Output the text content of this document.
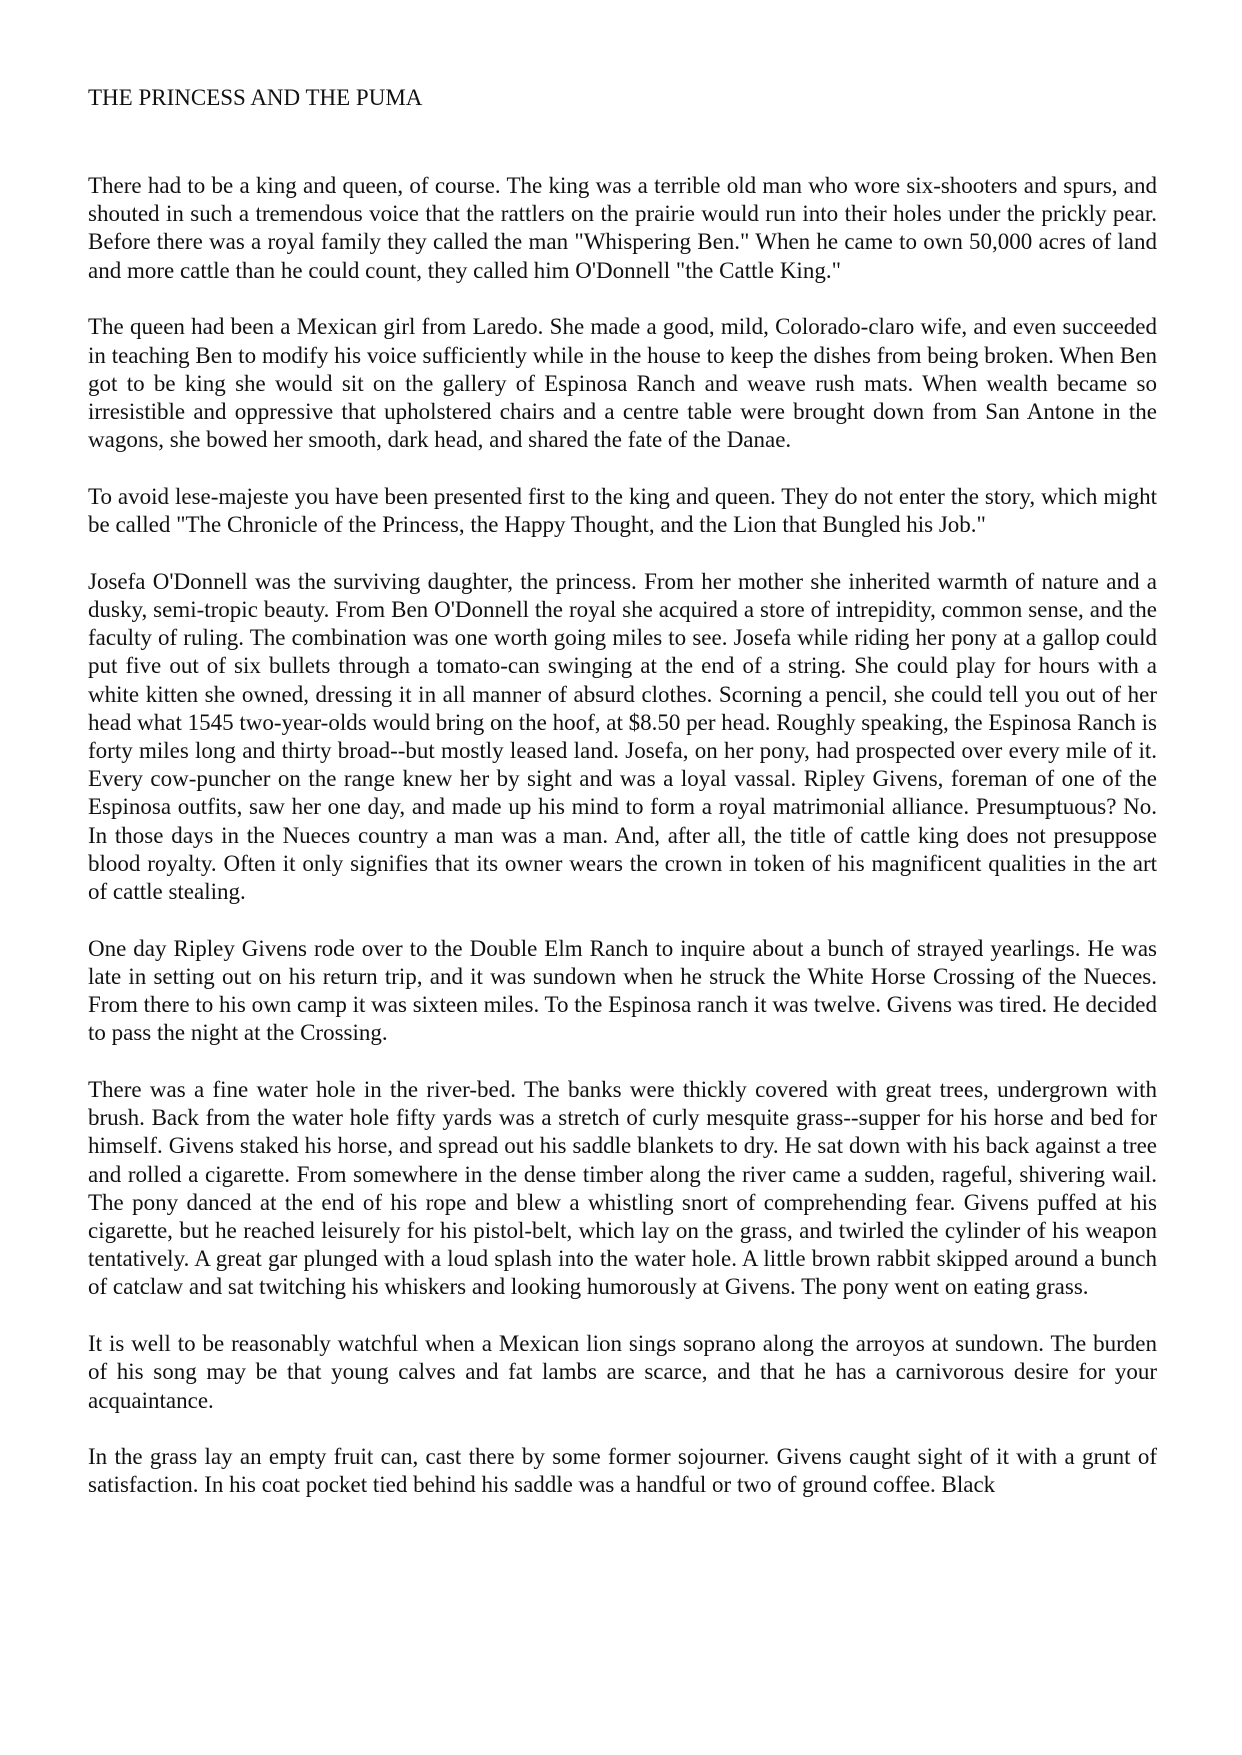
THE PRINCESS AND THE PUMA

There had to be a king and queen, of course. The king was a terrible old man who wore six-shooters and spurs, and shouted in such a tremendous voice that the rattlers on the prairie would run into their holes under the prickly pear. Before there was a royal family they called the man "Whispering Ben." When he came to own 50,000 acres of land and more cattle than he could count, they called him O'Donnell "the Cattle King."

The queen had been a Mexican girl from Laredo. She made a good, mild, Colorado-claro wife, and even succeeded in teaching Ben to modify his voice sufficiently while in the house to keep the dishes from being broken. When Ben got to be king she would sit on the gallery of Espinosa Ranch and weave rush mats. When wealth became so irresistible and oppressive that upholstered chairs and a centre table were brought down from San Antone in the wagons, she bowed her smooth, dark head, and shared the fate of the Danae.

To avoid lese-majeste you have been presented first to the king and queen. They do not enter the story, which might be called "The Chronicle of the Princess, the Happy Thought, and the Lion that Bungled his Job."

Josefa O'Donnell was the surviving daughter, the princess. From her mother she inherited warmth of nature and a dusky, semi-tropic beauty. From Ben O'Donnell the royal she acquired a store of intrepidity, common sense, and the faculty of ruling. The combination was one worth going miles to see. Josefa while riding her pony at a gallop could put five out of six bullets through a tomato-can swinging at the end of a string. She could play for hours with a white kitten she owned, dressing it in all manner of absurd clothes. Scorning a pencil, she could tell you out of her head what 1545 two-year-olds would bring on the hoof, at $8.50 per head. Roughly speaking, the Espinosa Ranch is forty miles long and thirty broad--but mostly leased land. Josefa, on her pony, had prospected over every mile of it. Every cow-puncher on the range knew her by sight and was a loyal vassal. Ripley Givens, foreman of one of the Espinosa outfits, saw her one day, and made up his mind to form a royal matrimonial alliance. Presumptuous? No. In those days in the Nueces country a man was a man. And, after all, the title of cattle king does not presuppose blood royalty. Often it only signifies that its owner wears the crown in token of his magnificent qualities in the art of cattle stealing.

One day Ripley Givens rode over to the Double Elm Ranch to inquire about a bunch of strayed yearlings. He was late in setting out on his return trip, and it was sundown when he struck the White Horse Crossing of the Nueces. From there to his own camp it was sixteen miles. To the Espinosa ranch it was twelve. Givens was tired. He decided to pass the night at the Crossing.

There was a fine water hole in the river-bed. The banks were thickly covered with great trees, undergrown with brush. Back from the water hole fifty yards was a stretch of curly mesquite grass--supper for his horse and bed for himself. Givens staked his horse, and spread out his saddle blankets to dry. He sat down with his back against a tree and rolled a cigarette. From somewhere in the dense timber along the river came a sudden, rageful, shivering wail. The pony danced at the end of his rope and blew a whistling snort of comprehending fear. Givens puffed at his cigarette, but he reached leisurely for his pistol-belt, which lay on the grass, and twirled the cylinder of his weapon tentatively. A great gar plunged with a loud splash into the water hole. A little brown rabbit skipped around a bunch of catclaw and sat twitching his whiskers and looking humorously at Givens. The pony went on eating grass.

It is well to be reasonably watchful when a Mexican lion sings soprano along the arroyos at sundown. The burden of his song may be that young calves and fat lambs are scarce, and that he has a carnivorous desire for your acquaintance.

In the grass lay an empty fruit can, cast there by some former sojourner. Givens caught sight of it with a grunt of satisfaction. In his coat pocket tied behind his saddle was a handful or two of ground coffee. Black
